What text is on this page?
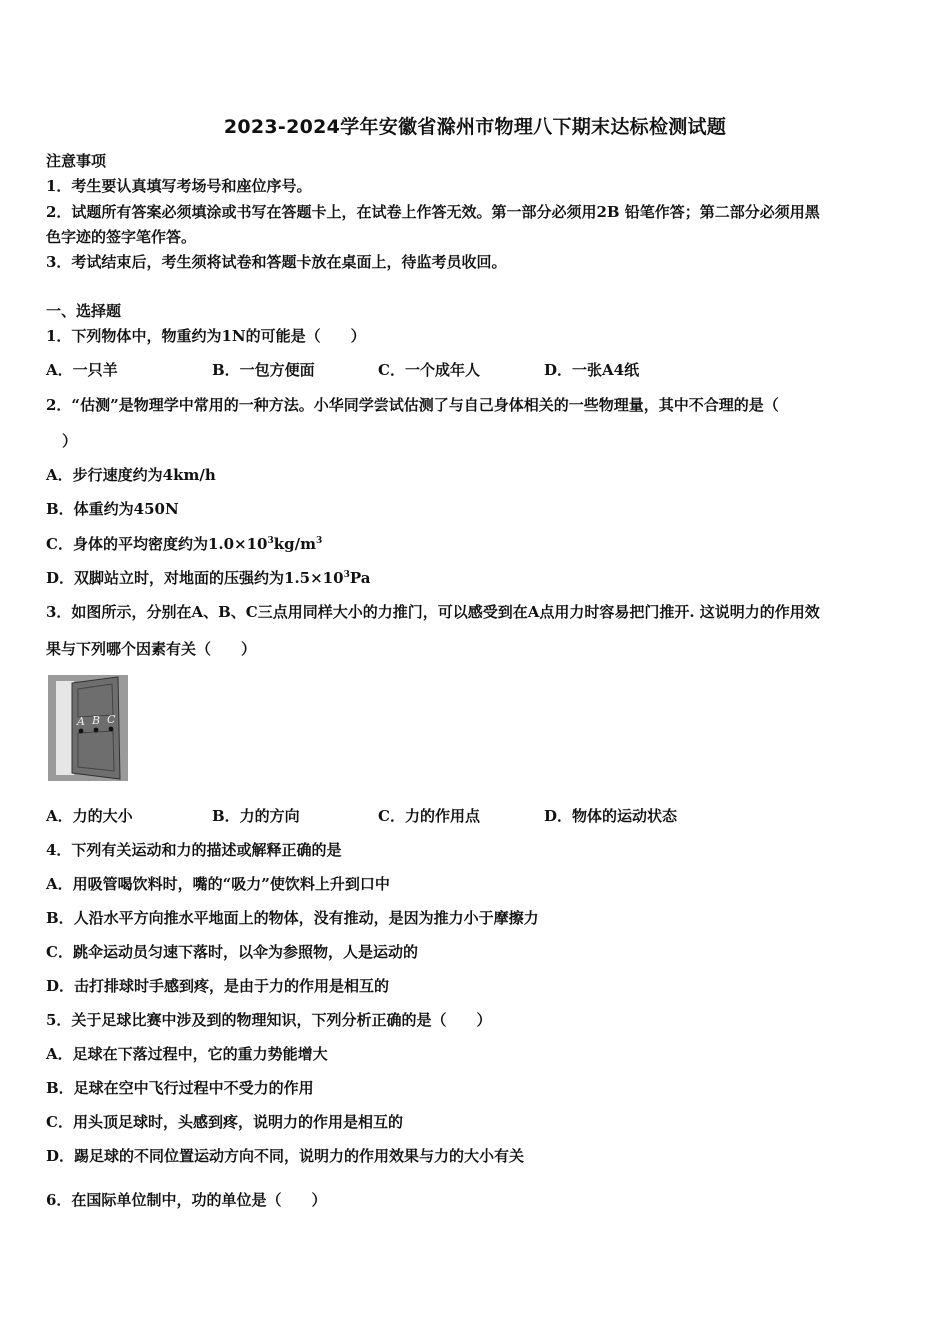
2023-2024学年安徽省滁州市物理八下期末达标检测试题
注意事项
1．考生要认真填写考场号和座位序号。
2．试题所有答案必须填涂或书写在答题卡上，在试卷上作答无效。第一部分必须用2B 铅笔作答；第二部分必须用黑
色字迹的签字笔作答。
3．考试结束后，考生须将试卷和答题卡放在桌面上，待监考员收回。
一、选择题
1．下列物体中，物重约为1N的可能是（　　）
A．一只羊	B．一包方便面	C．一个成年人	D．一张A4纸
2．“估测”是物理学中常用的一种方法。小华同学尝试估测了与自己身体相关的一些物理量，其中不合理的是（
）
A．步行速度约为4km/h
B．体重约为450N
C．身体的平均密度约为$1.0\times 10^3kg/m^3$
D．双脚站立时，对地面的压强约为$1.5\times 10^3Pa$
3．如图所示，分别在A、B、C三点用同样大小的力推门，可以感受到在A点用力时容易把门推开. 这说明力的作用效
果与下列哪个因素有关（　　）
A B C
A．力的大小	B．力的方向	C．力的作用点	D．物体的运动状态
4．下列有关运动和力的描述或解释正确的是
A．用吸管喝饮料时，嘴的“吸力”使饮料上升到口中
B．人沿水平方向推水平地面上的物体，没有推动，是因为推力小于摩擦力
C．跳伞运动员匀速下落时，以伞为参照物，人是运动的
D．击打排球时手感到疼，是由于力的作用是相互的
5．关于足球比赛中涉及到的物理知识，下列分析正确的是（　　）
A．足球在下落过程中，它的重力势能增大
B．足球在空中飞行过程中不受力的作用
C．用头顶足球时，头感到疼，说明力的作用是相互的
D．踢足球的不同位置运动方向不同，说明力的作用效果与力的大小有关
6．在国际单位制中，功的单位是（　　）
